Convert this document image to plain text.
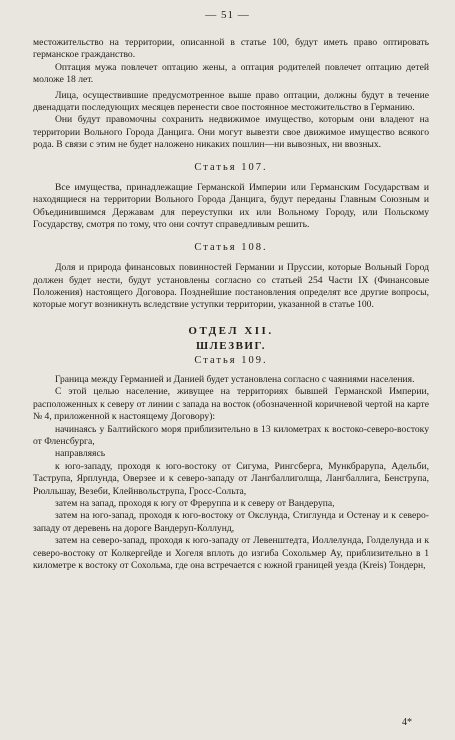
— 51 —

местожительство на территории, описанной в статье 100, будут иметь право оптировать германское гражданство.

Оптация мужа повлечет оптацию жены, а оптация родителей повлечет оптацию детей моложе 18 лет.

Лица, осуществившие предусмотренное выше право оптации, должны будут в течение двенадцати последующих месяцев перенести свое постоянное местожительство в Германию.

Они будут правомочны сохранить недвижимое имущество, которым они владеют на территории Вольного Города Данцига. Они могут вывезти свое движимое имущество всякого рода. В связи с этим не будет наложено никаких пошлин—ни вывозных, ни ввозных.

Статья 107.

Все имущества, принадлежащие Германской Империи или Германским Государствам и находящиеся на территории Вольного Города Данцига, будут переданы Главным Союзным и Объединившимся Державам для переуступки их или Вольному Городу, или Польскому Государству, смотря по тому, что они сочтут справедливым решить.

Статья 108.

Доля и природа финансовых повинностей Германии и Пруссии, которые Вольный Город должен будет нести, будут установлены согласно со статьей 254 Части IX (Финансовые Положения) настоящего Договора. Позднейшие постановления определят все другие вопросы, которые могут возникнуть вследствие уступки территории, указанной в статье 100.

ОТДЕЛ XII.

ШЛЕЗВИГ.

Статья 109.

Граница между Германией и Данией будет установлена согласно с чаяниями населения.

С этой целью население, живущее на территориях бывшей Германской Империи, расположенных к северу от линии с запада на восток (обозначенной коричневой чертой на карте № 4, приложенной к настоящему Договору):

начинаясь у Балтийского моря приблизительно в 13 километрах к востоко-северо-востоку от Фленсбурга,

направляясь

к юго-западу, проходя к юго-востоку от Сигума, Рингсберга, Мункбрарупа, Адельби, Таструпа, Ярплунда, Оверзее и к северо-западу от Лангбаллиголща, Лангбаллига, Бенструпа, Рюлльшау, Везеби, Клейнвольструпа, Гросс-Сольта,

затем на запад, проходя к югу от Фреруппа и к северу от Вандерупа,

затем на юго-запад, проходя к юго-востоку от Окслунда, Стиглунда и Остенау и к северо-западу от деревень на дороге Вандеруп-Коллунд,

затем на северо-запад, проходя к юго-западу от Левенштедта, Иоллелунда, Голделунда и к северо-востоку от Колкергейде и Хогеля вплоть до изгиба Сохольмер Ау, приблизительно в 1 километре к востоку от Сохольма, где она встречается с южной границей уезда (Kreis) Тондерн,

4*
